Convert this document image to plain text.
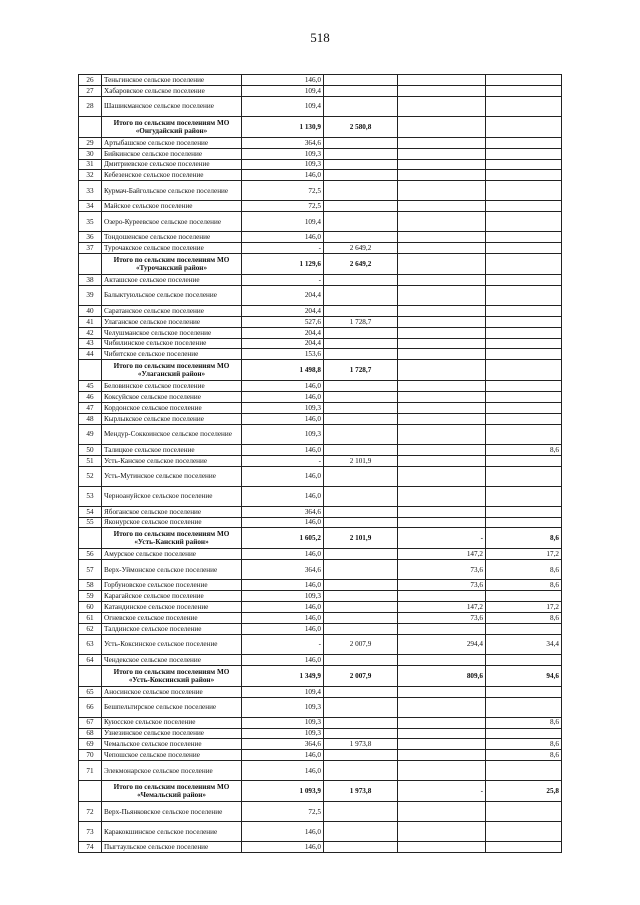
518
26	Теньгинское сельское поселение	146,0			
27	Хабаровское сельское поселение	109,4			
28	Шашикманское сельское поселение	109,4			
	Итого по сельским поселениям МО «Онгудайский район»	1 130,9	2 580,8		
29	Артыбашское сельское поселение	364,6			
30	Бийкинское сельское поселение	109,3			
31	Дмитриевское сельское поселение	109,3			
32	Кебезенское сельское поселение	146,0			
33	Курмач-Байгольское сельское поселение	72,5			
34	Майское сельское поселение	72,5			
35	Озеро-Куреевское сельское поселение	109,4			
36	Тондошенское сельское поселение	146,0			
37	Турочакское сельское поселение	-	2 649,2		
	Итого по сельским поселениям МО «Турочакский район»	1 129,6	2 649,2		
38	Акташское сельское поселение	-			
39	Балыктуюльское сельское поселение	204,4			
40	Саратанское сельское поселение	204,4			
41	Улаганское сельское поселение	527,6	1 728,7		
42	Челушманское сельское поселение	204,4			
43	Чибилинское сельское поселение	204,4			
44	Чибитское сельское поселение	153,6			
	Итого по сельским поселениям МО «Улаганский район»	1 498,8	1 728,7		
45	Беловинское сельское поселение	146,0			
46	Коксуйское сельское поселение	146,0			
47	Кордонское сельское поселение	109,3			
48	Кырлыкское сельское поселение	146,0			
49	Мендур-Соккоинское сельское поселение	109,3			
50	Талицкое сельское поселение	146,0			8,6
51	Усть-Канское сельское поселение	-	2 101,9		
52	Усть-Мутинское сельское поселение	146,0			
53	Черноануйское сельское поселение	146,0			
54	Ябоганское сельское поселение	364,6			
55	Яконурское сельское поселение	146,0			
	Итого по сельским поселениям МО «Усть-Канский район»	1 605,2	2 101,9	-	8,6
56	Амурское сельское поселение	146,0		147,2	17,2
57	Верх-Уймонское сельское поселение	364,6		73,6	8,6
58	Горбуновское сельское поселение	146,0		73,6	8,6
59	Карагайское сельское поселение	109,3			
60	Катандинское сельское поселение	146,0		147,2	17,2
61	Огневское сельское поселение	146,0		73,6	8,6
62	Талдинское сельское поселение	146,0			
63	Усть-Коксинское сельское поселение	-	2 007,9	294,4	34,4
64	Чендекское сельское поселение	146,0			
	Итого по сельским поселениям МО «Усть-Коксинский район»	1 349,9	2 007,9	809,6	94,6
65	Аносинское сельское поселение	109,4			
66	Бешпельтирское сельское поселение	109,3			
67	Куюсское сельское поселение	109,3			8,6
68	Узнезинское сельское поселение	109,3			
69	Чемальское сельское поселение	364,6	1 973,8		8,6
70	Чепошское сельское поселение	146,0			8,6
71	Элекмонарское сельское поселение	146,0			
	Итого по сельским поселениям МО «Чемальский район»	1 093,9	1 973,8	-	25,8
72	Верх-Пьянковское сельское поселение	72,5			
73	Каракокшинское сельское поселение	146,0			
74	Пыгтаульское сельское поселение	146,0			
